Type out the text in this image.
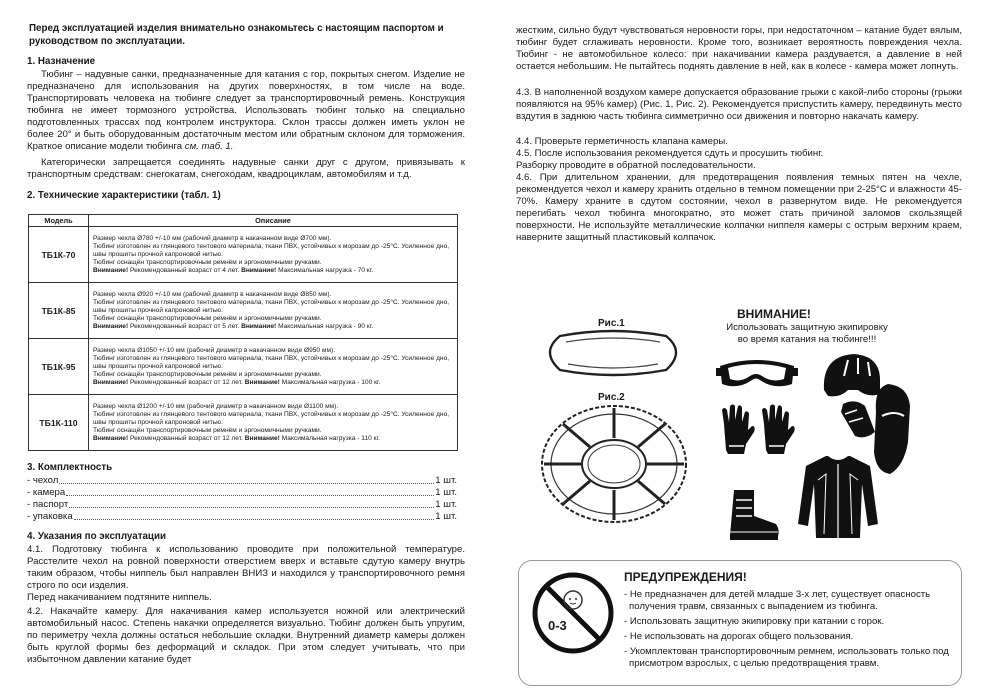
Перед эксплуатацией изделия внимательно ознакомьтесь с настоящим паспортом и руководством по эксплуатации.
1. Назначение
Тюбинг – надувные санки, предназначенные для катания с гор, покрытых снегом. Изделие не предназначено для использования на других поверхностях, в том числе на воде. Транспортировать человека на тюбинге следует за транспортировочный ремень. Конструкция тюбинга не имеет тормозного устройства. Использовать тюбинг только на специально подготовленных трассах под контролем инструктора. Склон трассы должен иметь уклон не более 20° и быть оборудованным достаточным местом или обратным склоном для торможения. Краткое описание модели тюбинга см. таб. 1.
Категорически запрещается соединять надувные санки друг с другом, привязывать к транспортным средствам: снегокатам, снегоходам, квадроциклам, автомобилям и т.д.
2. Технические характеристики (табл. 1)
Модель	Описание
ТБ1К-70	Размер чехла Ø780 +/-10 мм (рабочий диаметр в накачанном виде Ø700 мм).
Тюбинг изготовлен из глянцевого тентового материала, ткани ПВХ, устойчивых к морозам до -25°С. Усиленное дно, швы прошиты прочной капроновой нитью.
Тюбинг оснащён транспортировочным ремнём и эргономичными ручками.
Внимание! Рекомендованный возраст от 4 лет. Внимание! Максимальная нагрузка - 70 кг.

ТБ1К-85	Размер чехла Ø920 +/-10 мм (рабочий диаметр в накачанном виде Ø850 мм).
Тюбинг изготовлен из глянцевого тентового материала, ткани ПВХ, устойчивых к морозам до -25°С. Усиленное дно, швы прошиты прочной капроновой нитью.
Тюбинг оснащён транспортировочным ремнём и эргономичными ручками.
Внимание! Рекомендованный возраст от 5 лет. Внимание! Максимальная нагрузка - 90 кг.

ТБ1К-95	Размер чехла Ø1050 +/-10 мм (рабочий диаметр в накачанном виде Ø950 мм).
Тюбинг изготовлен из глянцевого тентового материала, ткани ПВХ, устойчивых к морозам до -25°С. Усиленное дно, швы прошиты прочной капроновой нитью.
Тюбинг оснащён транспортировочным ремнём и эргономичными ручками.
Внимание! Рекомендованный возраст от 12 лет. Внимание! Максимальная нагрузка - 100 кг.

ТБ1К-110	Размер чехла Ø1200 +/-10 мм (рабочий диаметр в накачанном виде Ø1100 мм).
Тюбинг изготовлен из глянцевого тентового материала, ткани ПВХ, устойчивых к морозам до -25°С. Усиленное дно, швы прошиты прочной капроновой нитью.
Тюбинг оснащён транспортировочным ремнём и эргономичными ручками.
Внимание! Рекомендованный возраст от 12 лет. Внимание! Максимальная нагрузка - 110 кг.
3. Комплектность
- чехол	1 шт.
- камера	1 шт.
- паспорт	1 шт.
- упаковка	1 шт.
4. Указания по эксплуатации
4.1. Подготовку тюбинга к использованию проводите при положительной температуре. Расстелите чехол на ровной поверхности отверстием вверх и вставьте сдутую камеру внутрь таким образом, чтобы ниппель был направлен ВНИЗ и находился у транспортировочного ремня строго по оси изделия.
Перед накачиванием подтяните ниппель.
4.2. Накачайте камеру. Для накачивания камер используется ножной или электрический автомобильный насос. Степень накачки определяется визуально. Тюбинг должен быть упругим, по периметру чехла должны остаться небольшие складки. Внутренний диаметр камеры должен быть круглой формы без деформаций и складок. При этом следует учитывать, что при избыточном давлении катание будет
жестким, сильно будут чувствоваться неровности горы, при недостаточном – катание будет вялым, тюбинг будет сглаживать неровности. Кроме того, возникает вероятность повреждения чехла. Тюбинг - не автомобильное колесо: при накачивании камера раздувается, а давление в ней остается небольшим. Не пытайтесь поднять давление в ней, как в колесе - камера может лопнуть.
4.3. В наполненной воздухом камере допускается образование грыжи с какой-либо стороны (грыжи появляются на 95% камер) (Рис. 1, Рис. 2). Рекомендуется приспустить камеру, передвинуть место вздутия в заднюю часть тюбинга симметрично оси движения и повторно накачать камеру.
4.4. Проверьте герметичность клапана камеры.
4.5. После использования рекомендуется сдуть и просушить тюбинг.
Разборку проводите в обратной последовательности.
4.6. При длительном хранении, для предотвращения появления темных пятен на чехле, рекомендуется чехол и камеру хранить отдельно в темном помещении при 2-25°С и влажности 45-70%. Камеру храните в сдутом состоянии, чехол в развернутом виде. Не рекомендуется перегибать чехол тюбинга многократно, это может стать причиной заломов скользящей поверхности. Не используйте металлические колпачки ниппеля камеры с острым верхним краем, наверните защитный пластиковый колпачок.
Рис.1
Рис.2
ВНИМАНИЕ!
Использовать защитную экипировку
во время катания на тюбинге!!!
0-3
ПРЕДУПРЕЖДЕНИЯ!
- Не предназначен для детей младше 3-х лет, существует опасность
получения травм, связанных с выпадением из тюбинга.
- Использовать защитную экипировку при катании с горок.
- Не использовать на дорогах общего пользования.
- Укомплектован транспортировочным ремнем, использовать только под
присмотром взрослых, с целью предотвращения травм.
